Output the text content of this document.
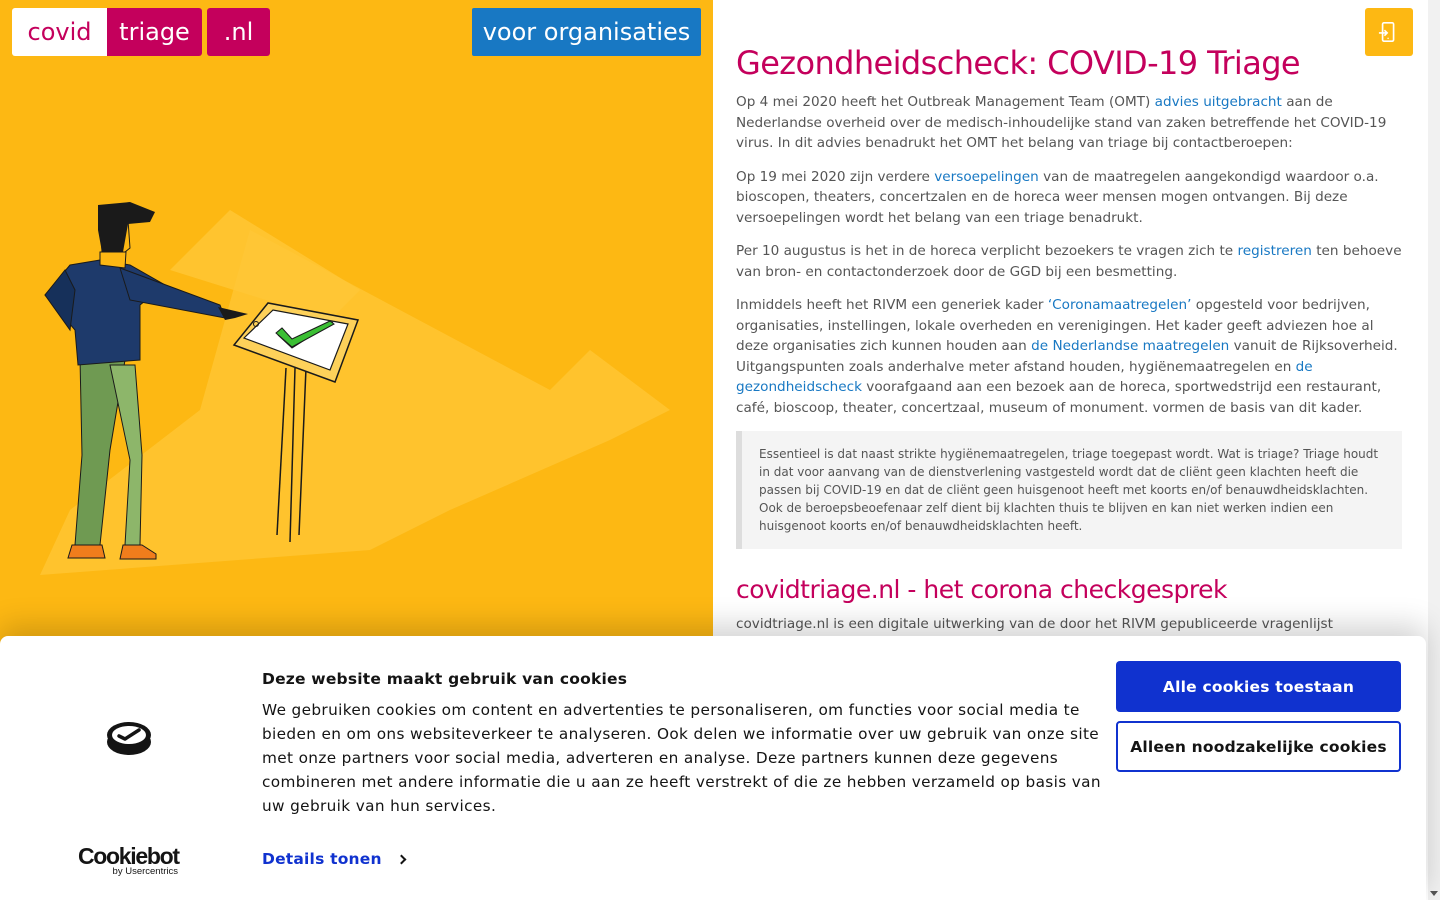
covid	triage	.nl	voor organisaties
Gezondheidscheck: COVID-19 Triage

Op 4 mei 2020 heeft het Outbreak Management Team (OMT) advies uitgebracht aan de Nederlandse overheid over de medisch-inhoudelijke stand van zaken betreffende het COVID-19 virus. In dit advies benadrukt het OMT het belang van triage bij contactberoepen:

Op 19 mei 2020 zijn verdere versoepelingen van de maatregelen aangekondigd waardoor o.a. bioscopen, theaters, concertzalen en de horeca weer mensen mogen ontvangen. Bij deze versoepelingen wordt het belang van een triage benadrukt.

Per 10 augustus is het in de horeca verplicht bezoekers te vragen zich te registreren ten behoeve van bron- en contactonderzoek door de GGD bij een besmetting.

Inmiddels heeft het RIVM een generiek kader ‘Coronamaatregelen’ opgesteld voor bedrijven, organisaties, instellingen, lokale overheden en verenigingen. Het kader geeft adviezen hoe al deze organisaties zich kunnen houden aan de Nederlandse maatregelen vanuit de Rijksoverheid. Uitgangspunten zoals anderhalve meter afstand houden, hygiënemaatregelen en de gezondheidscheck voorafgaand aan een bezoek aan de horeca, sportwedstrijd een restaurant, café, bioscoop, theater, concertzaal, museum of monument. vormen de basis van dit kader.

Essentieel is dat naast strikte hygiënemaatregelen, triage toegepast wordt. Wat is triage? Triage houdt in dat voor aanvang van de dienstverlening vastgesteld wordt dat de cliënt geen klachten heeft die passen bij COVID-19 en dat de cliënt geen huisgenoot heeft met koorts en/of benauwdheidsklachten. Ook de beroepsbeoefenaar zelf dient bij klachten thuis te blijven en kan niet werken indien een huisgenoot koorts en/of benauwdheidsklachten heeft.
covidtriage.nl - het corona checkgesprek
covidtriage.nl is een digitale uitwerking van de door het RIVM gepubliceerde vragenlijst
Cookiebot
by Usercentrics
Deze website maakt gebruik van cookies
We gebruiken cookies om content en advertenties te personaliseren, om functies voor social media te bieden en om ons websiteverkeer te analyseren. Ook delen we informatie over uw gebruik van onze site met onze partners voor social media, adverteren en analyse. Deze partners kunnen deze gegevens combineren met andere informatie die u aan ze heeft verstrekt of die ze hebben verzameld op basis van uw gebruik van hun services.
Details tonen
Alle cookies toestaan
Alleen noodzakelijke cookies
